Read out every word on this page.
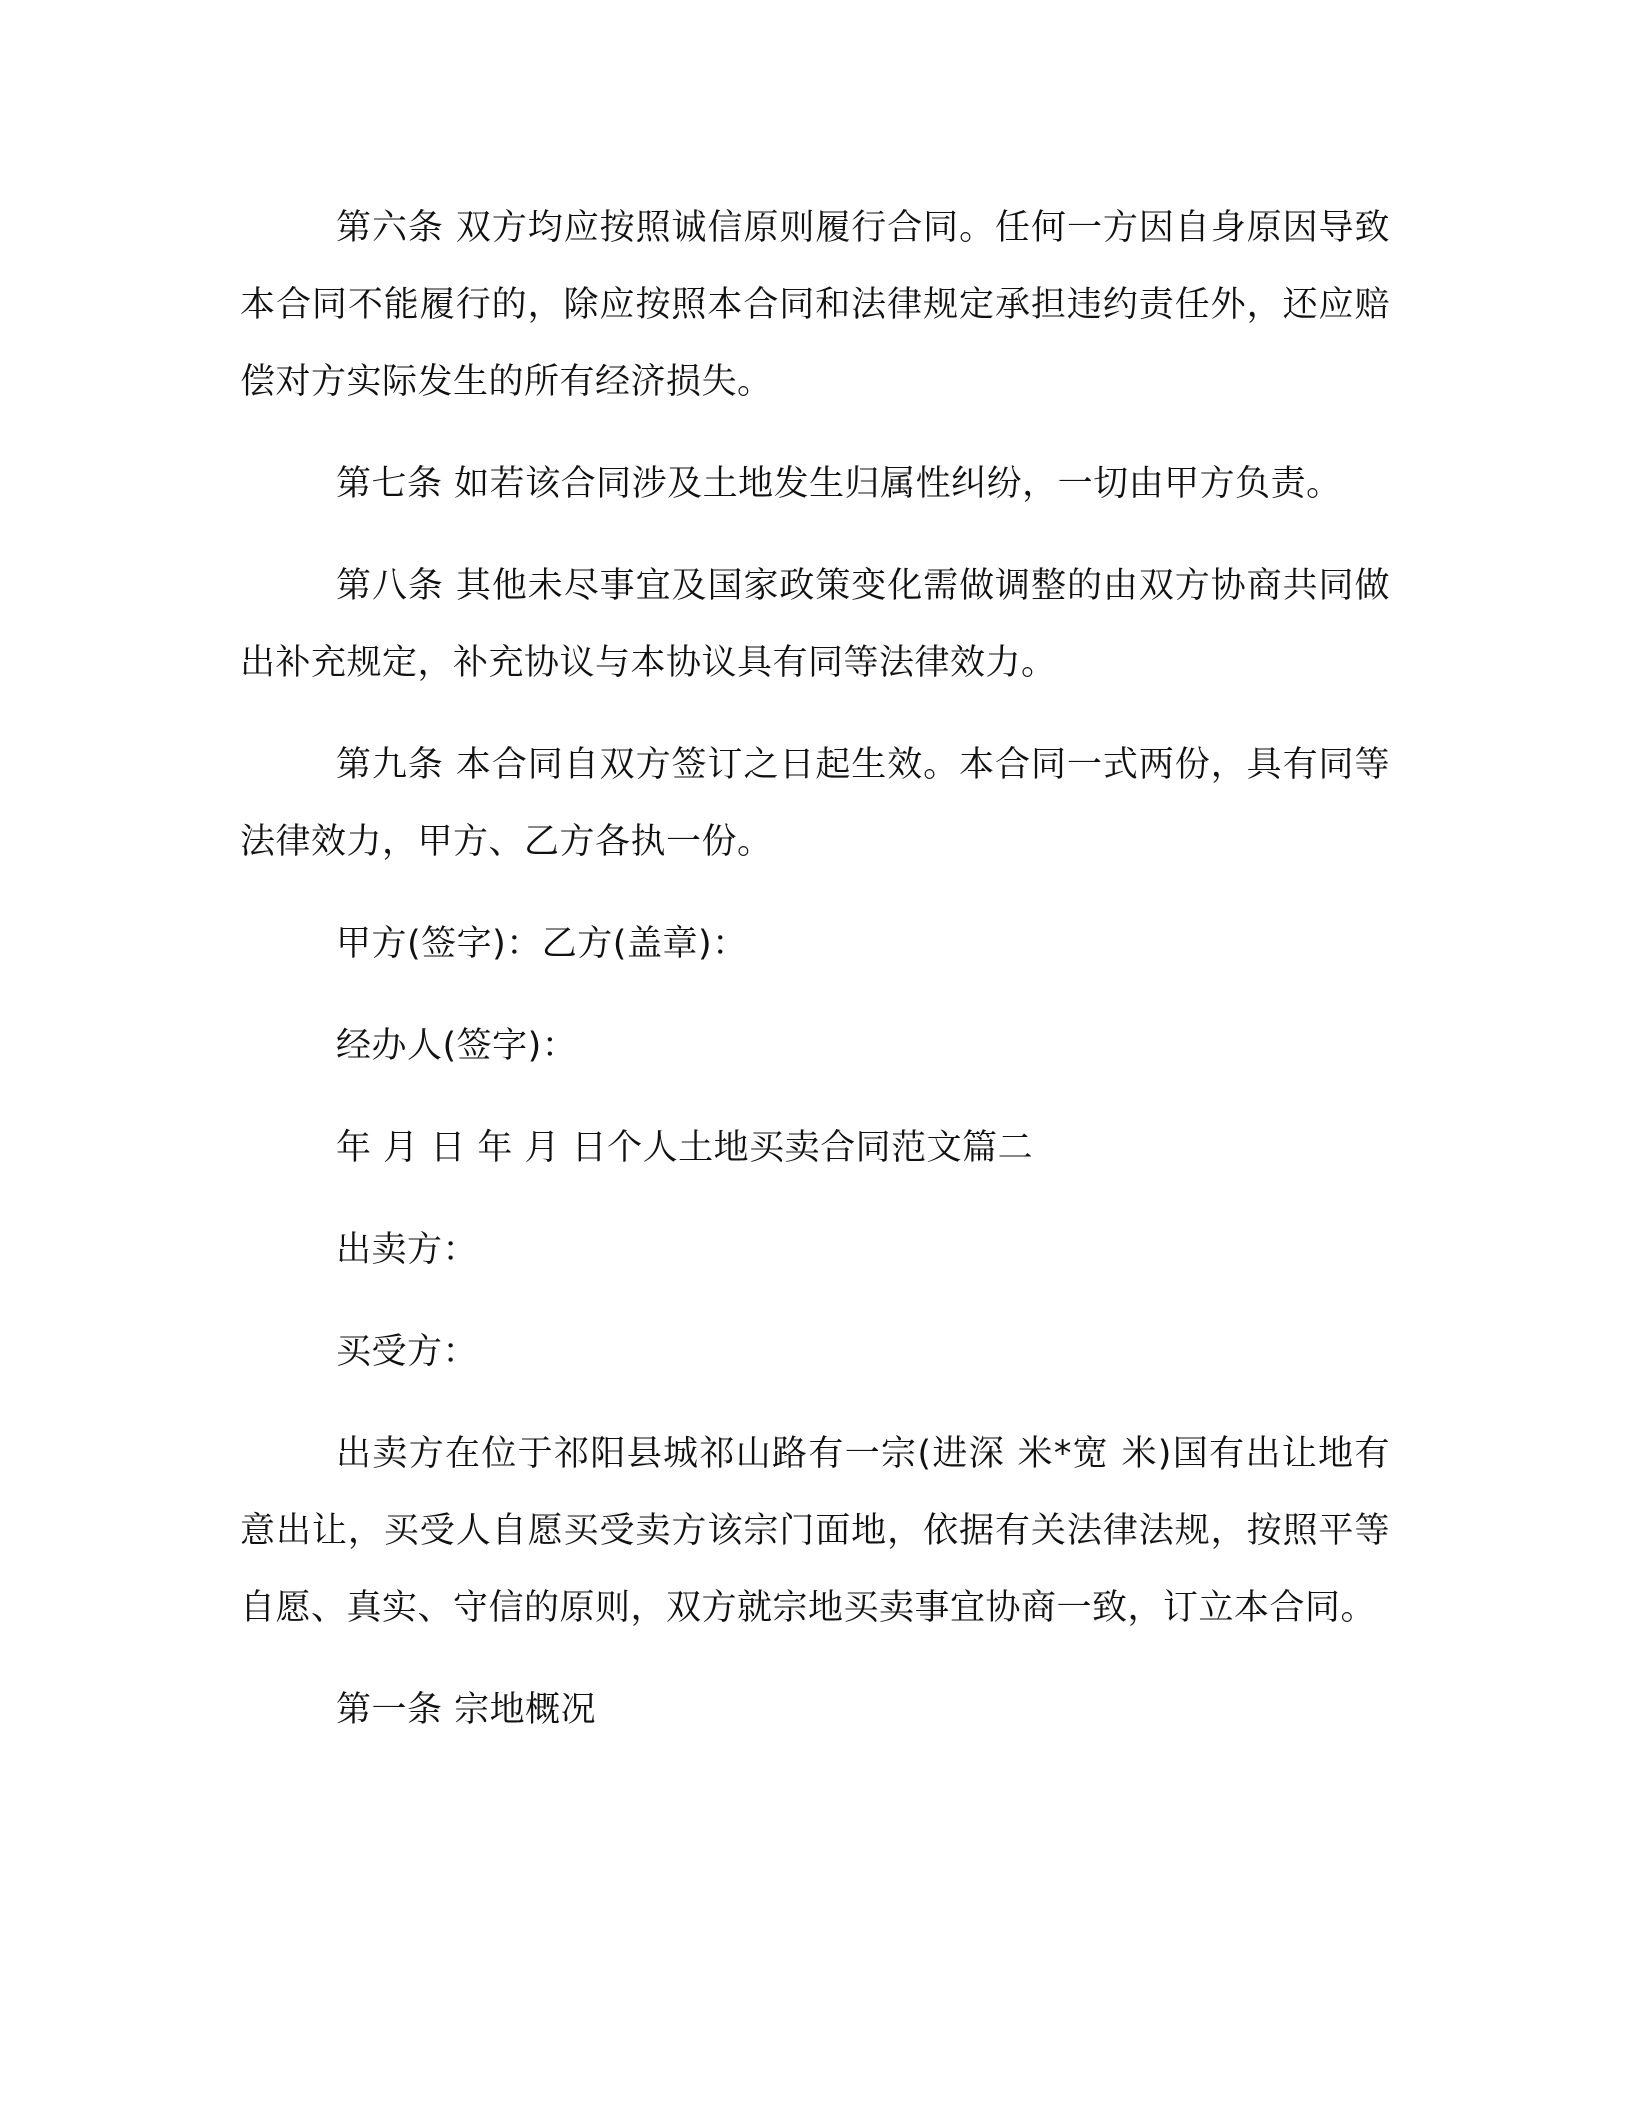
第六条 双方均应按照诚信原则履行合同。任何一方因自身原因导致本合同不能履行的，除应按照本合同和法律规定承担违约责任外，还应赔偿对方实际发生的所有经济损失。

第七条 如若该合同涉及土地发生归属性纠纷，一切由甲方负责。

第八条 其他未尽事宜及国家政策变化需做调整的由双方协商共同做出补充规定，补充协议与本协议具有同等法律效力。

第九条 本合同自双方签订之日起生效。本合同一式两份，具有同等法律效力，甲方、乙方各执一份。

甲方(签字)：乙方(盖章)：

经办人(签字)：

年 月 日 年 月 日个人土地买卖合同范文篇二

出卖方：

买受方：

出卖方在位于祁阳县城祁山路有一宗(进深 米*宽 米)国有出让地有意出让，买受人自愿买受卖方该宗门面地，依据有关法律法规，按照平等自愿、真实、守信的原则，双方就宗地买卖事宜协商一致，订立本合同。

第一条 宗地概况
